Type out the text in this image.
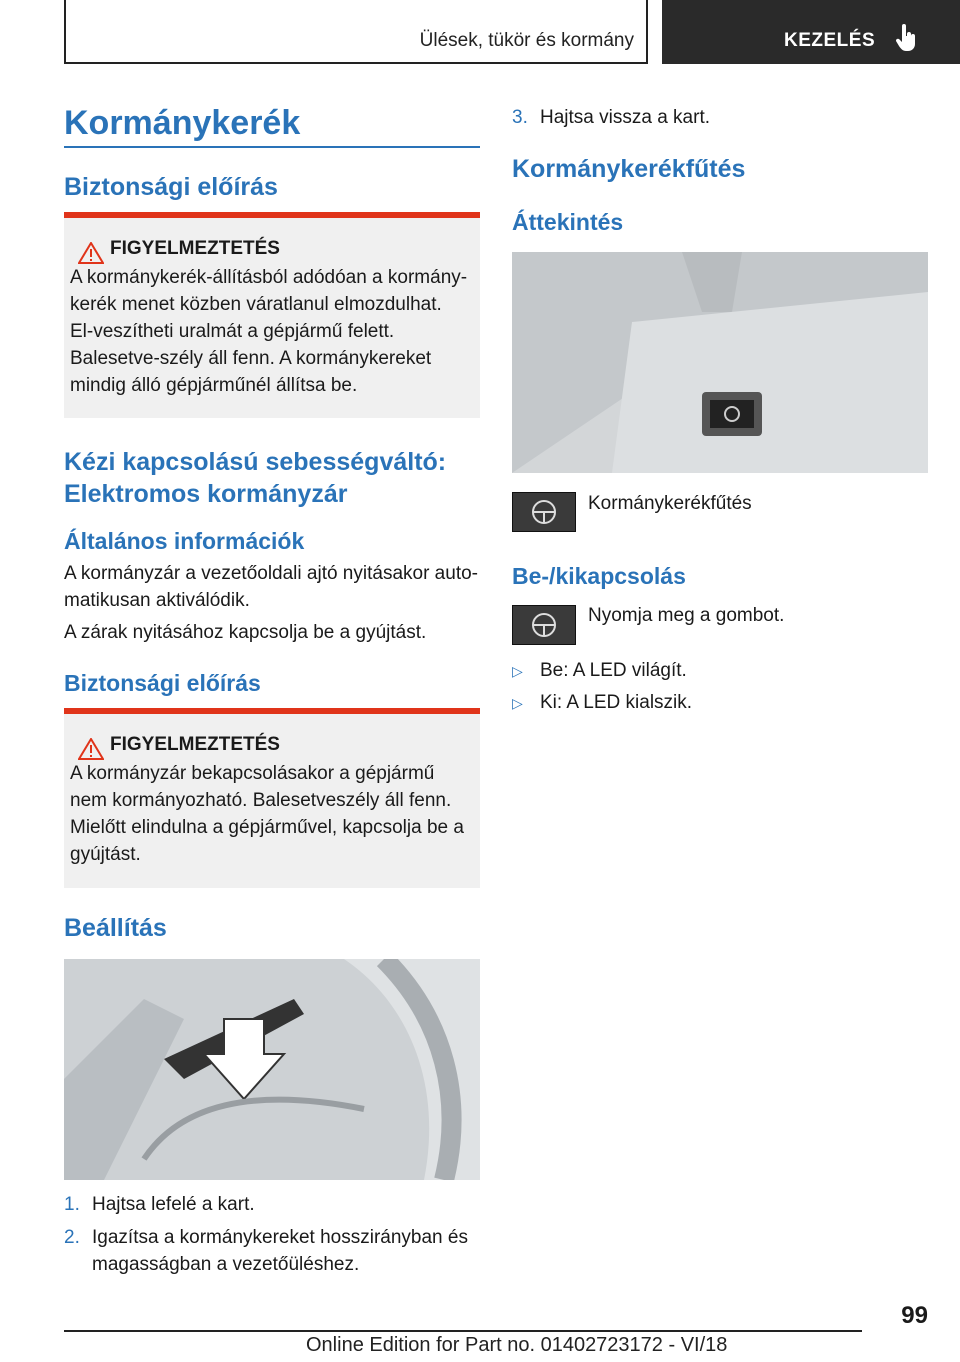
Ülések, tükör és kormány	KEZELÉS
Kormánykerék
Biztonsági előírás
FIGYELMEZTETÉS
A kormánykerék-állításból adódóan a kormány-kerék menet közben váratlanul elmozdulhat. El-veszítheti uralmát a gépjármű felett. Balesetve-szély áll fenn. A kormánykereket mindig álló gépjárműnél állítsa be.
Kézi kapcsolású sebességváltó: Elektromos kormányzár
Általános információk
A kormányzár a vezetőoldali ajtó nyitásakor auto-matikusan aktiválódik.
A zárak nyitásához kapcsolja be a gyújtást.
Biztonsági előírás
FIGYELMEZTETÉS
A kormányzár bekapcsolásakor a gépjármű nem kormányozható. Balesetveszély áll fenn. Mielőtt elindulna a gépjárművel, kapcsolja be a gyújtást.
Beállítás
1. Hajtsa lefelé a kart.
2. Igazítsa a kormánykereket hosszirányban és magasságban a vezetőüléshez.
3. Hajtsa vissza a kart.
Kormánykerékfűtés
Áttekintés
Kormánykerékfűtés
Be-/kikapcsolás
Nyomja meg a gombot.
▷ Be: A LED világít.
▷ Ki: A LED kialszik.
99
Online Edition for Part no. 01402723172 - VI/18
